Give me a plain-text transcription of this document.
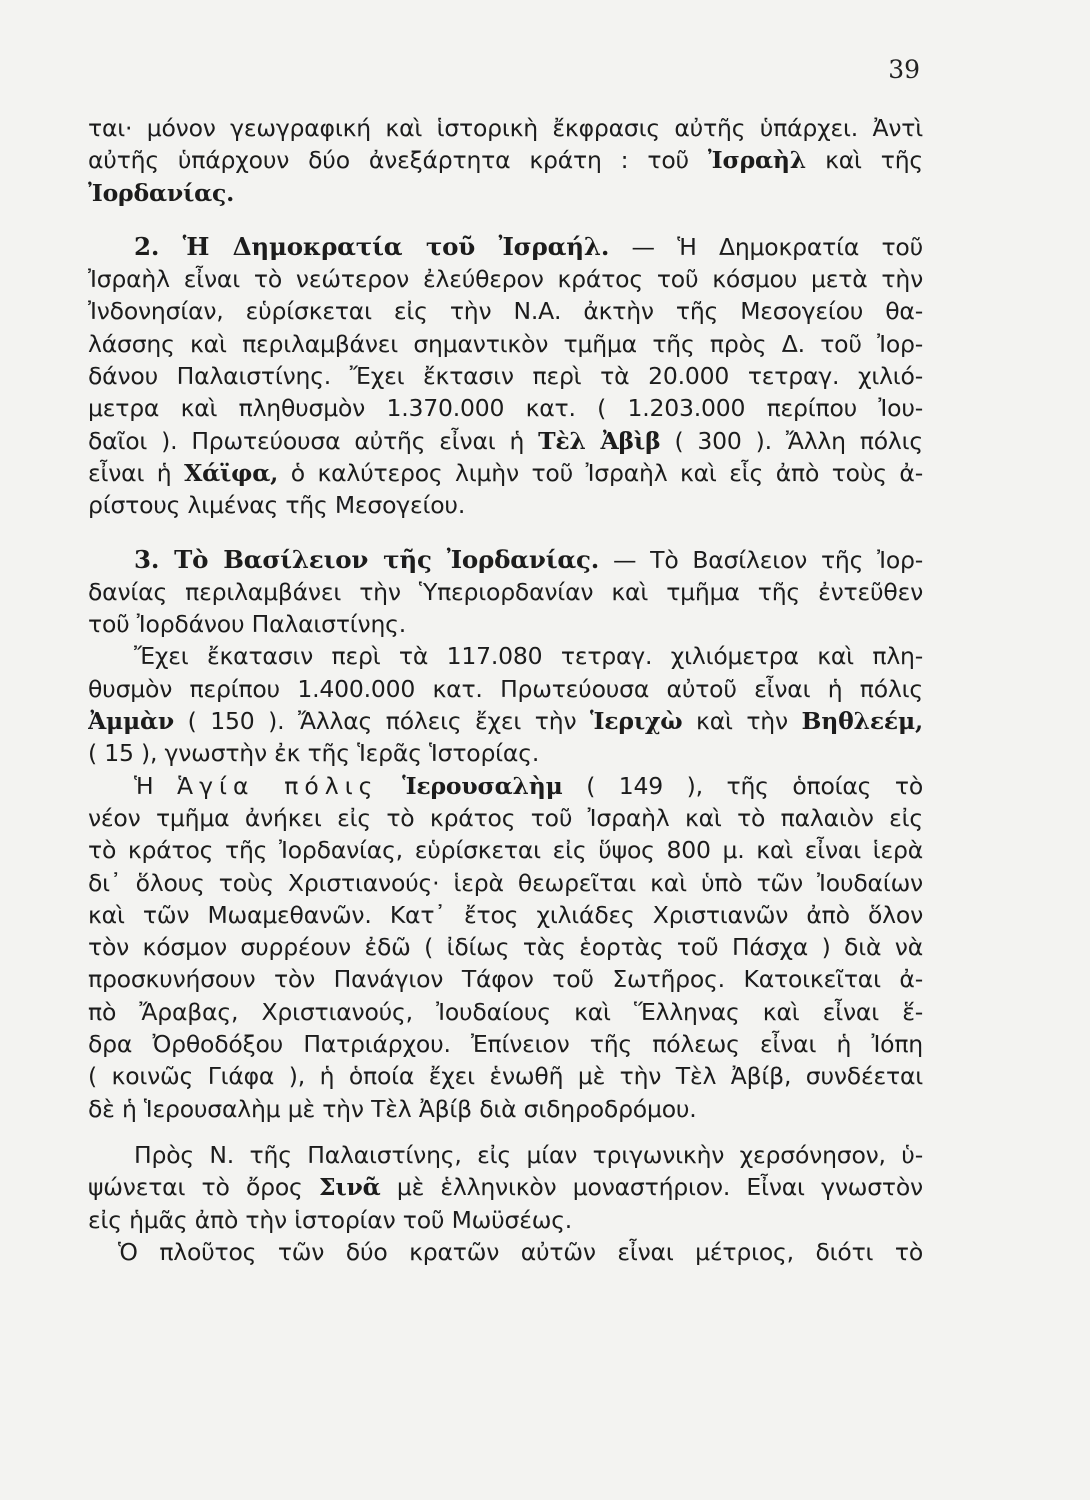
39
ται· μόνον γεωγραφική καὶ ἱστορικὴ ἔκφρασις αὐτῆς ὑπάρχει. Ἀντὶ
αὐτῆς ὑπάρχουν δύο ἀνεξάρτητα κράτη : τοῦ Ἰσραὴλ καὶ τῆς
Ἰορδανίας.
2. Ἡ Δημοκρατία τοῦ Ἰσραήλ. — Ἡ Δημοκρατία τοῦ
Ἰσραὴλ εἶναι τὸ νεώτερον ἐλεύθερον κράτος τοῦ κόσμου μετὰ τὴν
Ἰνδονησίαν, εὑρίσκεται εἰς τὴν Ν.Α. ἀκτὴν τῆς Μεσογείου θα-
λάσσης καὶ περιλαμβάνει σημαντικὸν τμῆμα τῆς πρὸς Δ. τοῦ Ἰορ-
δάνου Παλαιστίνης. Ἔχει ἔκτασιν περὶ τὰ 20.000 τετραγ. χιλιό-
μετρα καὶ πληθυσμὸν 1.370.000 κατ. ( 1.203.000 περίπου Ἰου-
δαῖοι ). Πρωτεύουσα αὐτῆς εἶναι ἡ Τὲλ Ἀβὶβ ( 300 ). Ἄλλη πόλις
εἶναι ἡ Χάϊφα, ὁ καλύτερος λιμὴν τοῦ Ἰσραὴλ καὶ εἷς ἀπὸ τοὺς ἀ-
ρίστους λιμένας τῆς Μεσογείου.
3. Τὸ Βασίλειον τῆς Ἰορδανίας. — Τὸ Βασίλειον τῆς Ἰορ-
δανίας περιλαμβάνει τὴν Ὑπεριορδανίαν καὶ τμῆμα τῆς ἐντεῦθεν
τοῦ Ἰορδάνου Παλαιστίνης.
Ἔχει ἔκατασιν περὶ τὰ 117.080 τετραγ. χιλιόμετρα καὶ πλη-
θυσμὸν περίπου 1.400.000 κατ. Πρωτεύουσα αὐτοῦ εἶναι ἡ πόλις
Ἀμμὰν ( 150 ). Ἄλλας πόλεις ἔχει τὴν Ἱεριχὼ καὶ τὴν Βηθλεέμ,
( 15 ), γνωστὴν ἐκ τῆς Ἱερᾶς Ἱστορίας.
Ἡ Ἁγία πόλις Ἱερουσαλὴμ ( 149 ), τῆς ὁποίας τὸ
νέον τμῆμα ἀνήκει εἰς τὸ κράτος τοῦ Ἰσραὴλ καὶ τὸ παλαιὸν εἰς
τὸ κράτος τῆς Ἰορδανίας, εὑρίσκεται εἰς ὕψος 800 μ. καὶ εἶναι ἱερὰ
δι᾽ ὅλους τοὺς Χριστιανούς· ἱερὰ θεωρεῖται καὶ ὑπὸ τῶν Ἰουδαίων
καὶ τῶν Μωαμεθανῶν. Κατ᾽ ἔτος χιλιάδες Χριστιανῶν ἀπὸ ὅλον
τὸν κόσμον συρρέουν ἐδῶ ( ἰδίως τὰς ἑορτὰς τοῦ Πάσχα ) διὰ νὰ
προσκυνήσουν τὸν Πανάγιον Τάφον τοῦ Σωτῆρος. Κατοικεῖται ἀ-
πὸ Ἄραβας, Χριστιανούς, Ἰουδαίους καὶ Ἕλληνας καὶ εἶναι ἕ-
δρα Ὀρθοδόξου Πατριάρχου. Ἐπίνειον τῆς πόλεως εἶναι ἡ Ἰόπη
( κοινῶς Γιάφα ), ἡ ὁποία ἔχει ἑνωθῆ μὲ τὴν Τὲλ Ἀβίβ, συνδέεται
δὲ ἡ Ἱερουσαλὴμ μὲ τὴν Τὲλ Ἀβίβ διὰ σιδηροδρόμου.
Πρὸς Ν. τῆς Παλαιστίνης, εἰς μίαν τριγωνικὴν χερσόνησον, ὑ-
ψώνεται τὸ ὄρος Σινᾶ μὲ ἑλληνικὸν μοναστήριον. Εἶναι γνωστὸν
εἰς ἡμᾶς ἀπὸ τὴν ἱστορίαν τοῦ Μωϋσέως.
Ὁ πλοῦτος τῶν δύο κρατῶν αὐτῶν εἶναι μέτριος, διότι τὸ
